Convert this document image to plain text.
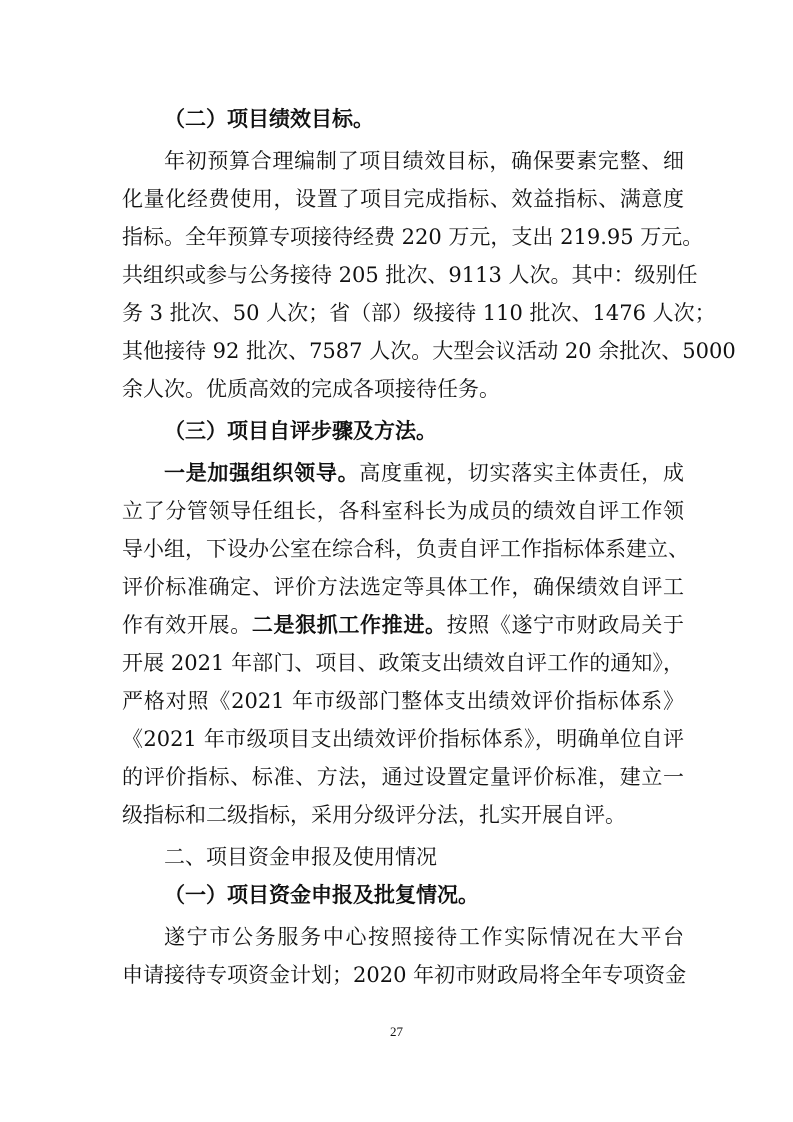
（二）项目绩效目标。
年初预算合理编制了项目绩效目标，确保要素完整、细
化量化经费使用，设置了项目完成指标、效益指标、满意度
指标。全年预算专项接待经费 220 万元，支出 219.95 万元。
共组织或参与公务接待 205 批次、9113 人次。其中：级别任
务 3 批次、50 人次；省（部）级接待 110 批次、1476 人次；
其他接待 92 批次、7587 人次。大型会议活动 20 余批次、5000
余人次。优质高效的完成各项接待任务。
（三）项目自评步骤及方法。
一是加强组织领导。高度重视，切实落实主体责任，成
立了分管领导任组长，各科室科长为成员的绩效自评工作领
导小组，下设办公室在综合科，负责自评工作指标体系建立、
评价标准确定、评价方法选定等具体工作，确保绩效自评工
作有效开展。二是狠抓工作推进。按照《遂宁市财政局关于
开展 2021 年部门、项目、政策支出绩效自评工作的通知》，
严格对照《2021 年市级部门整体支出绩效评价指标体系》
《2021 年市级项目支出绩效评价指标体系》，明确单位自评
的评价指标、标准、方法，通过设置定量评价标准，建立一
级指标和二级指标，采用分级评分法，扎实开展自评。
二、项目资金申报及使用情况
（一）项目资金申报及批复情况。
遂宁市公务服务中心按照接待工作实际情况在大平台
申请接待专项资金计划；2020 年初市财政局将全年专项资金
27
